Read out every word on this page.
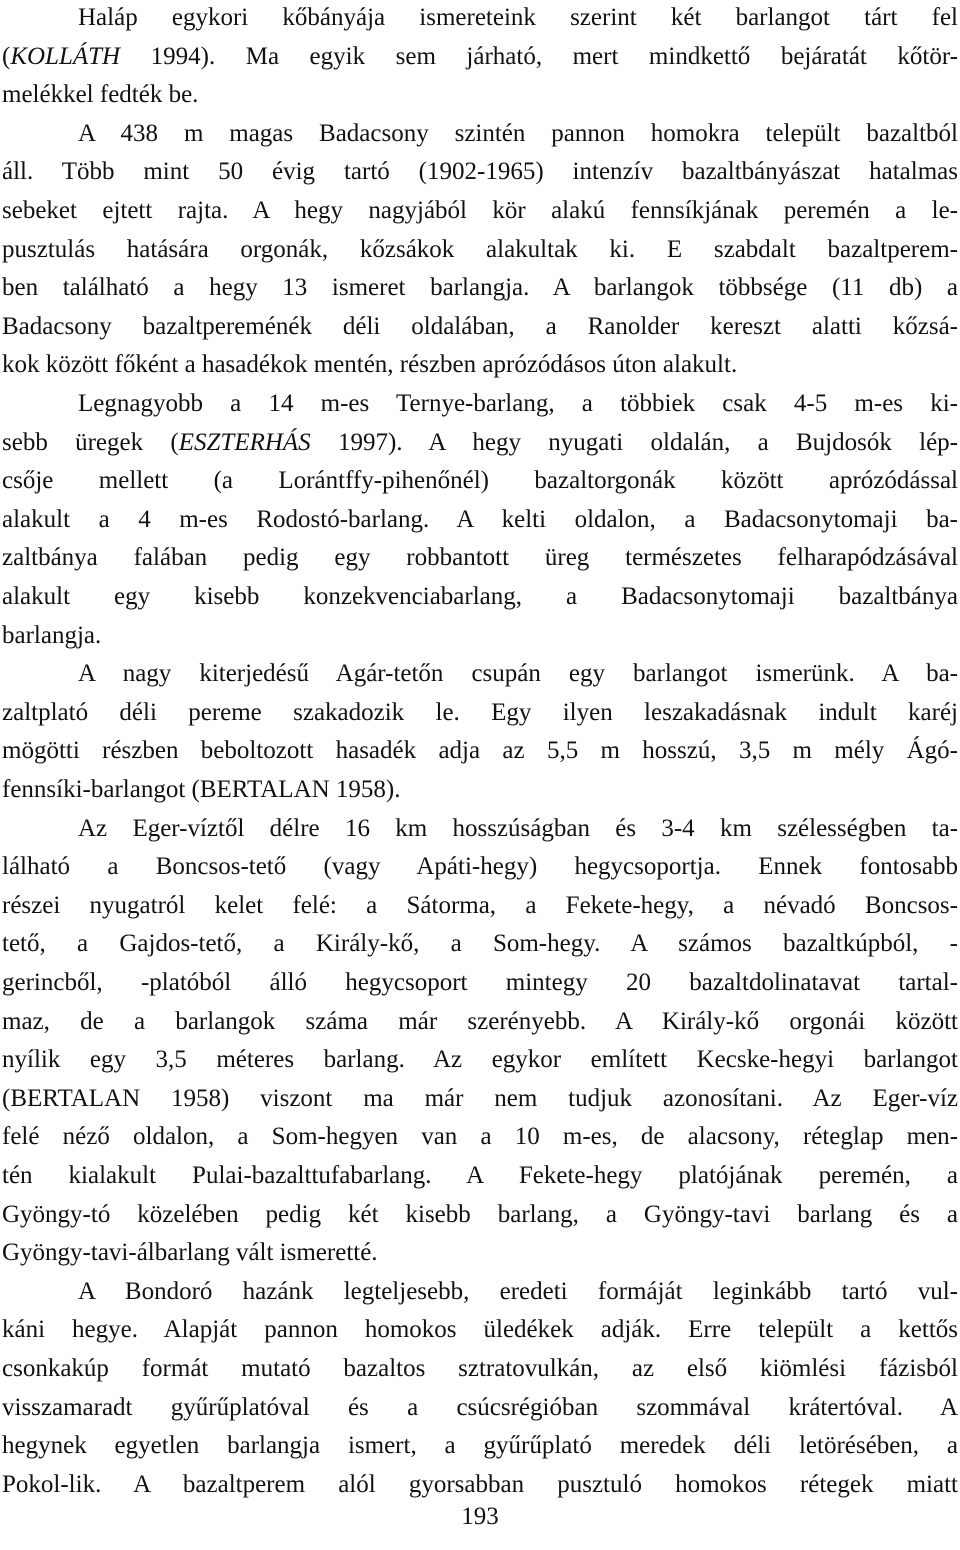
Haláp egykori kőbányája ismereteink szerint két barlangot tárt fel
(KOLLÁTH 1994). Ma egyik sem járható, mert mindkettő bejáratát kőtör-
melékkel fedték be.
A 438 m magas Badacsony szintén pannon homokra települt bazaltból
áll. Több mint 50 évig tartó (1902-1965) intenzív bazaltbányászat hatalmas
sebeket ejtett rajta. A hegy nagyjából kör alakú fennsíkjának peremén a le-
pusztulás hatására orgonák, kőzsákok alakultak ki. E szabdalt bazaltperem-
ben található a hegy 13 ismeret barlangja. A barlangok többsége (11 db) a
Badacsony bazaltpereménék déli oldalában, a Ranolder kereszt alatti kőzsá-
kok között főként a hasadékok mentén, részben aprózódásos úton alakult.
Legnagyobb a 14 m-es Ternye-barlang, a többiek csak 4-5 m-es ki-
sebb üregek (ESZTERHÁS 1997). A hegy nyugati oldalán, a Bujdosók lép-
csője mellett (a Lorántffy-pihenőnél) bazaltorgonák között aprózódással
alakult a 4 m-es Rodostó-barlang. A kelti oldalon, a Badacsonytomaji ba-
zaltbánya falában pedig egy robbantott üreg természetes felharapódzásával
alakult egy kisebb konzekvenciabarlang, a Badacsonytomaji bazaltbánya
barlangja.
A nagy kiterjedésű Agár-tetőn csupán egy barlangot ismerünk. A ba-
zaltplató déli pereme szakadozik le. Egy ilyen leszakadásnak indult karéj
mögötti részben beboltozott hasadék adja az 5,5 m hosszú, 3,5 m mély Ágó-
fennsíki-barlangot (BERTALAN 1958).
Az Eger-víztől délre 16 km hosszúságban és 3-4 km szélességben ta-
lálható a Boncsos-tető (vagy Apáti-hegy) hegycsoportja. Ennek fontosabb
részei nyugatról kelet felé: a Sátorma, a Fekete-hegy, a névadó Boncsos-
tető, a Gajdos-tető, a Király-kő, a Som-hegy. A számos bazaltkúpból, -
gerincből, -platóból álló hegycsoport mintegy 20 bazaltdolinatavat tartal-
maz, de a barlangok száma már szerényebb. A Király-kő orgonái között
nyílik egy 3,5 méteres barlang. Az egykor említett Kecske-hegyi barlangot
(BERTALAN 1958) viszont ma már nem tudjuk azonosítani. Az Eger-víz
felé néző oldalon, a Som-hegyen van a 10 m-es, de alacsony, réteglap men-
tén kialakult Pulai-bazalttufabarlang. A Fekete-hegy platójának peremén, a
Gyöngy-tó közelében pedig két kisebb barlang, a Gyöngy-tavi barlang és a
Gyöngy-tavi-álbarlang vált ismeretté.
A Bondoró hazánk legteljesebb, eredeti formáját leginkább tartó vul-
káni hegye. Alapját pannon homokos üledékek adják. Erre települt a kettős
csonkakúp formát mutató bazaltos sztratovulkán, az első kiömlési fázisból
visszamaradt gyűrűplatóval és a csúcsrégióban szommával krátertóval. A
hegynek egyetlen barlangja ismert, a gyűrűplató meredek déli letörésében, a
Pokol-lik. A bazaltperem alól gyorsabban pusztuló homokos rétegek miatt
193
